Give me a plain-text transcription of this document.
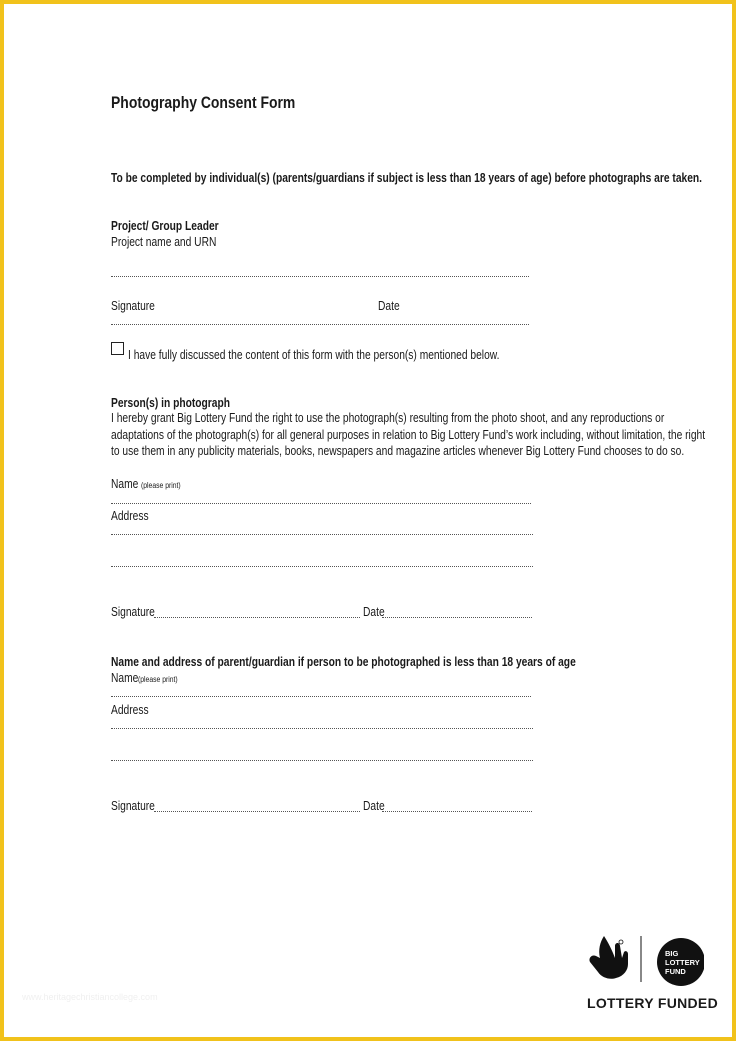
Photography Consent Form
To be completed by individual(s) (parents/guardians if subject is less than 18 years of age) before photographs are taken.
Project/ Group Leader
Project name and URN
Signature	Date
I have fully discussed the content of this form with the person(s) mentioned below.
Person(s) in photograph
I hereby grant Big Lottery Fund the right to use the photograph(s) resulting from the photo shoot, and any reproductions or
adaptations of the photograph(s) for all general purposes in relation to Big Lottery Fund’s work including, without limitation, the right
to use them in any publicity materials, books, newspapers and magazine articles whenever Big Lottery Fund chooses to do so.
Name (please print)
Address
Signature	Date
Name and address of parent/guardian if person to be photographed is less than 18 years of age
Name (please print)
Address
Signature	Date
www.heritagechristiancollege.com
BIG
LOTTERY
FUND
LOTTERY FUNDED
